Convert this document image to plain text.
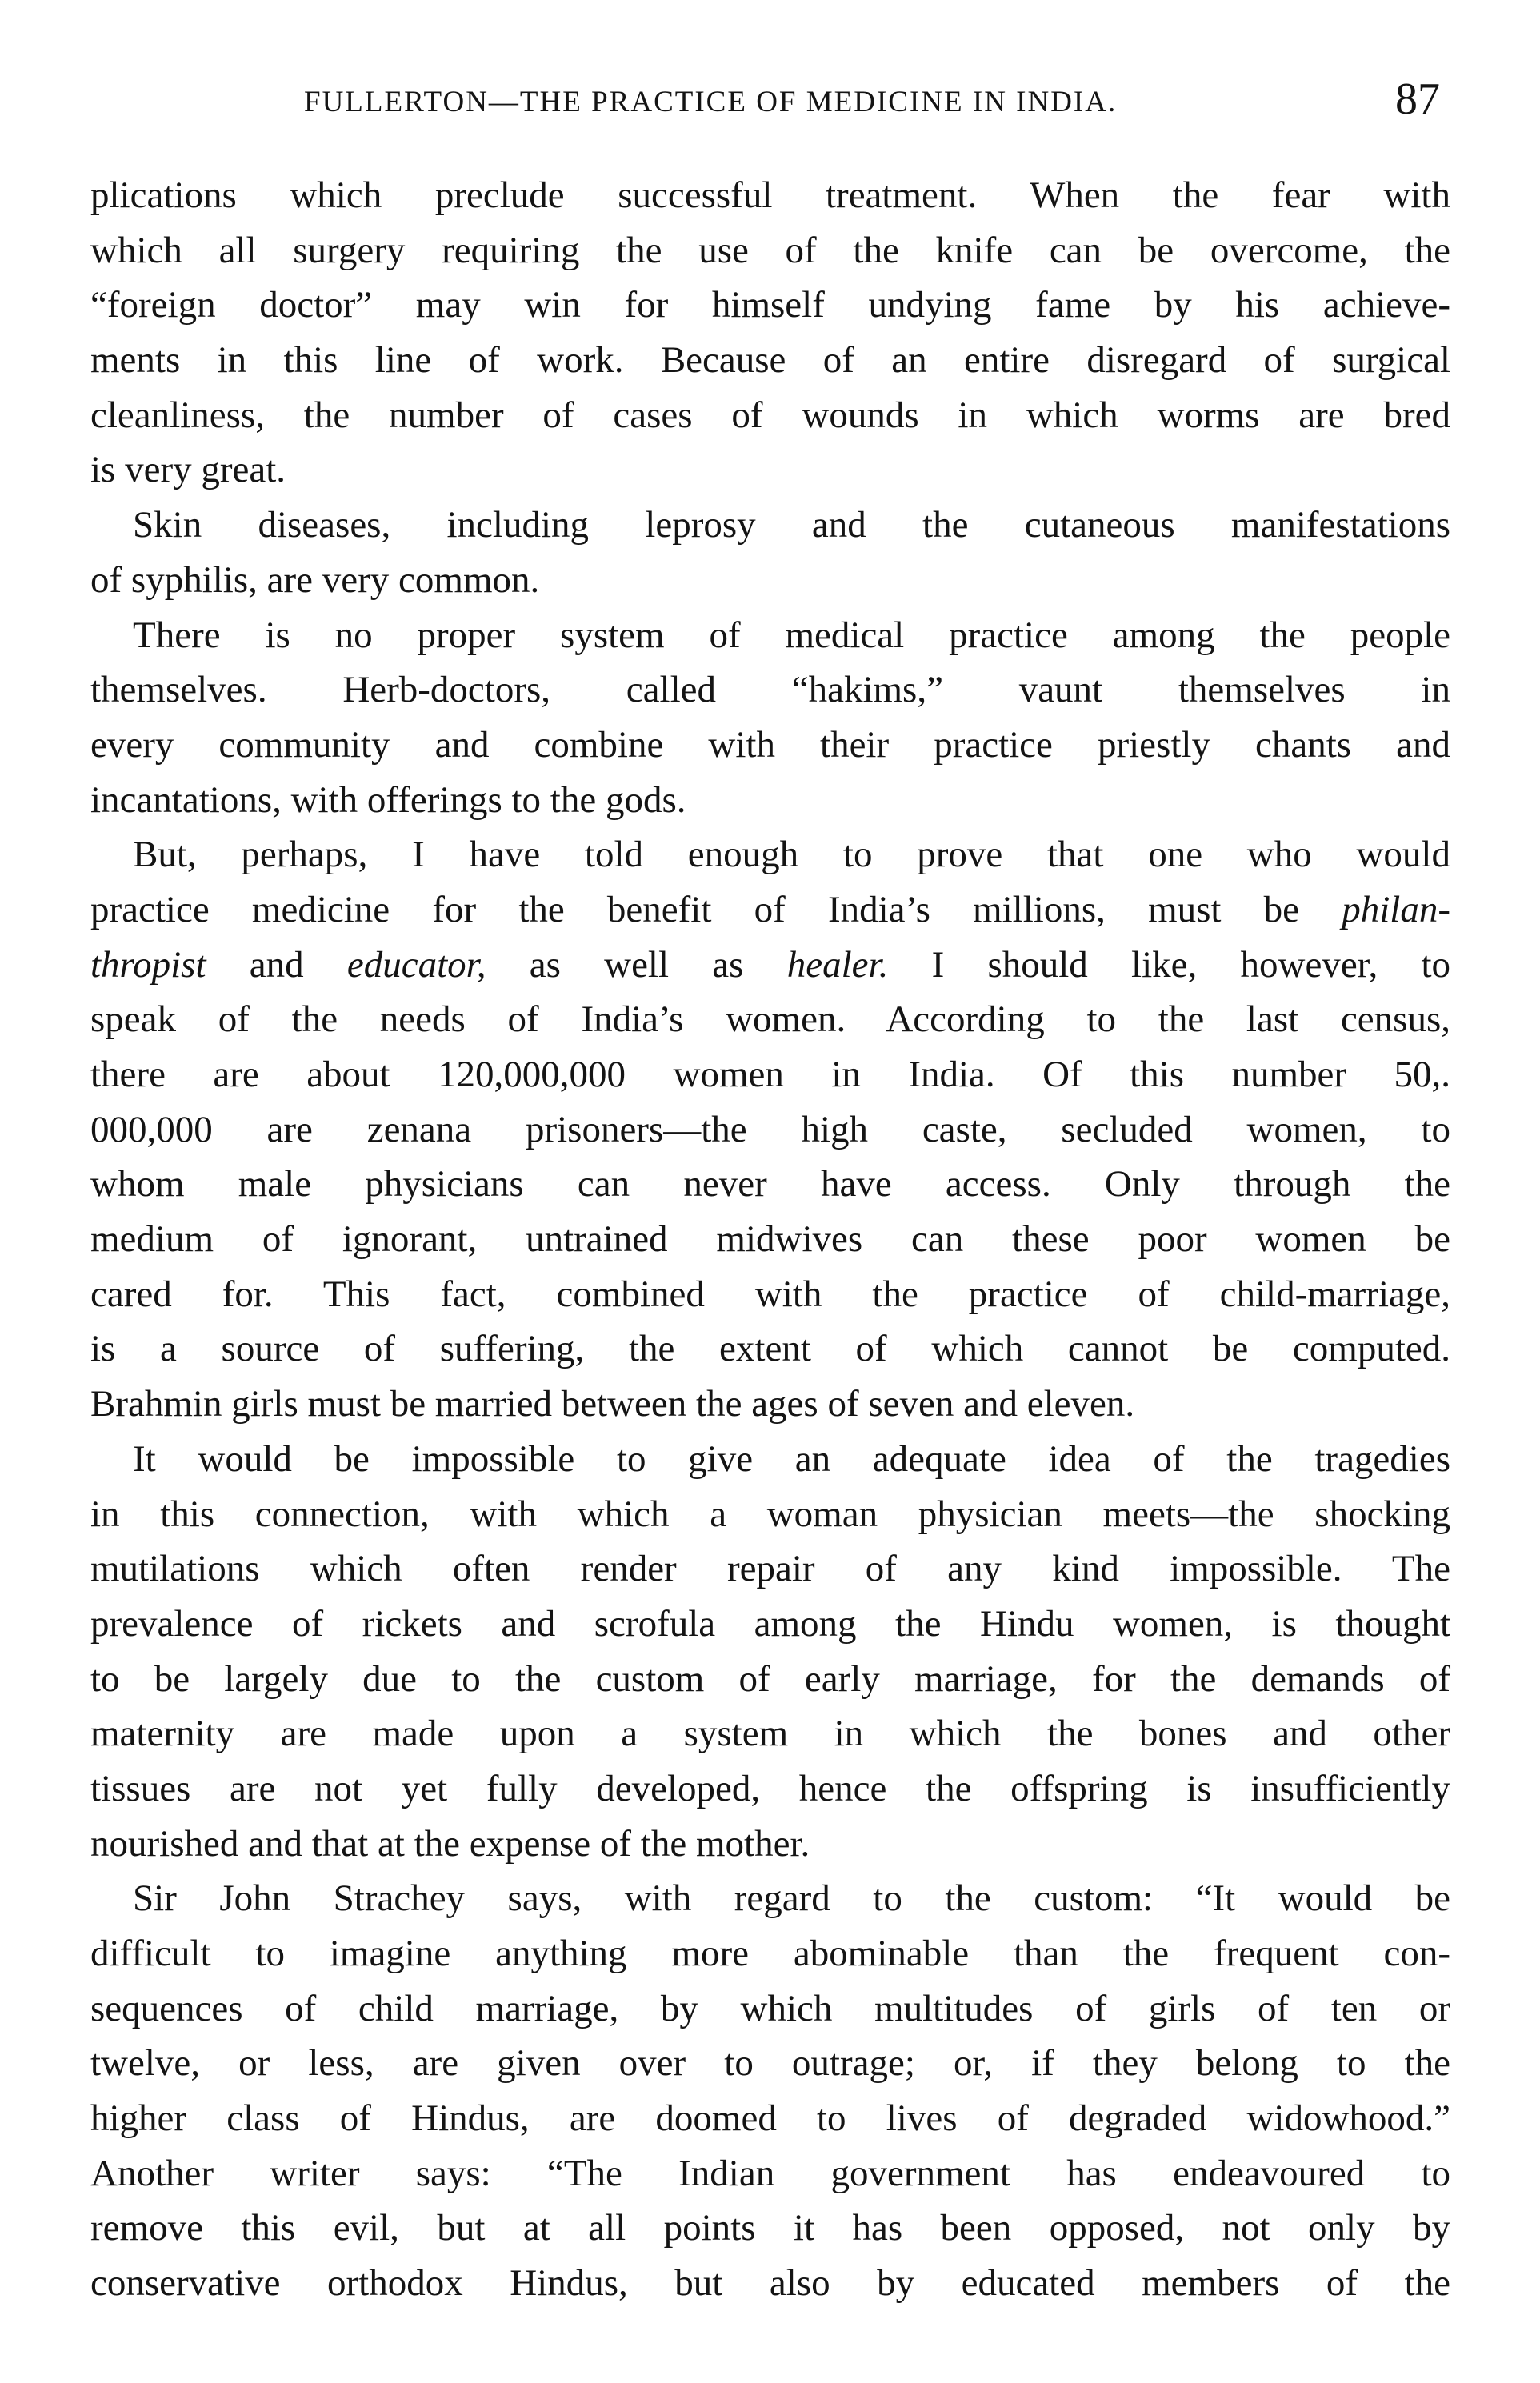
FULLERTON—THE PRACTICE OF MEDICINE IN INDIA.	87
plications which preclude successful treatment. When the fear with
which all surgery requiring the use of the knife can be overcome, the
“foreign doctor” may win for himself undying fame by his achieve-
ments in this line of work. Because of an entire disregard of surgical
cleanliness, the number of cases of wounds in which worms are bred
is very great.
Skin diseases, including leprosy and the cutaneous manifestations
of syphilis, are very common.
There is no proper system of medical practice among the people
themselves. Herb-doctors, called “hakims,” vaunt themselves in
every community and combine with their practice priestly chants and
incantations, with offerings to the gods.
But, perhaps, I have told enough to prove that one who would
practice medicine for the benefit of India’s millions, must be philan-
thropist and educator, as well as healer. I should like, however, to
speak of the needs of India’s women. According to the last census,
there are about 120,000,000 women in India. Of this number 50,.
000,000 are zenana prisoners—the high caste, secluded women, to
whom male physicians can never have access. Only through the
medium of ignorant, untrained midwives can these poor women be
cared for. This fact, combined with the practice of child-marriage,
is a source of suffering, the extent of which cannot be computed.
Brahmin girls must be married between the ages of seven and eleven.
It would be impossible to give an adequate idea of the tragedies
in this connection, with which a woman physician meets—the shocking
mutilations which often render repair of any kind impossible. The
prevalence of rickets and scrofula among the Hindu women, is thought
to be largely due to the custom of early marriage, for the demands of
maternity are made upon a system in which the bones and other
tissues are not yet fully developed, hence the offspring is insufficiently
nourished and that at the expense of the mother.
Sir John Strachey says, with regard to the custom: “It would be
difficult to imagine anything more abominable than the frequent con-
sequences of child marriage, by which multitudes of girls of ten or
twelve, or less, are given over to outrage; or, if they belong to the
higher class of Hindus, are doomed to lives of degraded widowhood.”
Another writer says: “The Indian government has endeavoured to
remove this evil, but at all points it has been opposed, not only by
conservative orthodox Hindus, but also by educated members of the
